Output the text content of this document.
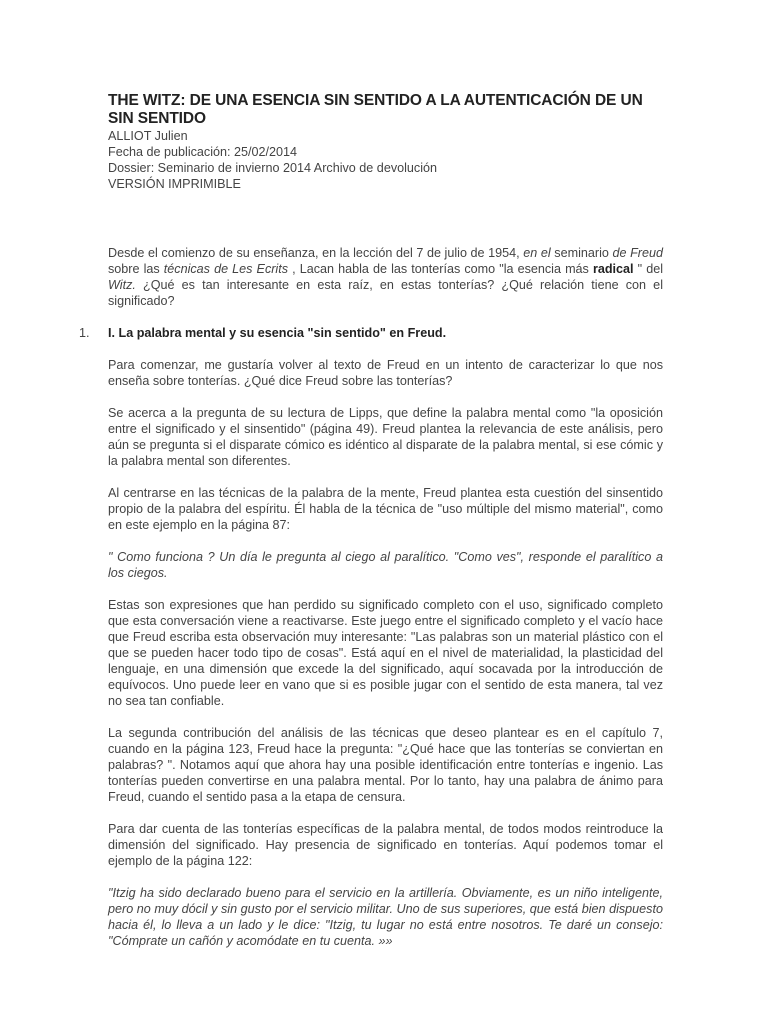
THE WITZ: DE UNA ESENCIA SIN SENTIDO A LA AUTENTICACIÓN DE UN SIN SENTIDO
ALLIOT Julien
Fecha de publicación: 25/02/2014
Dossier: Seminario de invierno 2014 Archivo de devolución
VERSIÓN IMPRIMIBLE

Desde el comienzo de su enseñanza, en la lección del 7 de julio de 1954, en el seminario de Freud sobre las técnicas de Les Ecrits , Lacan habla de las tonterías como "la esencia más radical " del Witz. ¿Qué es tan interesante en esta raíz, en estas tonterías? ¿Qué relación tiene con el significado?

1. I. La palabra mental y su esencia "sin sentido" en Freud.

Para comenzar, me gustaría volver al texto de Freud en un intento de caracterizar lo que nos enseña sobre tonterías. ¿Qué dice Freud sobre las tonterías?

Se acerca a la pregunta de su lectura de Lipps, que define la palabra mental como "la oposición entre el significado y el sinsentido" (página 49). Freud plantea la relevancia de este análisis, pero aún se pregunta si el disparate cómico es idéntico al disparate de la palabra mental, si ese cómic y la palabra mental son diferentes.

Al centrarse en las técnicas de la palabra de la mente, Freud plantea esta cuestión del sinsentido propio de la palabra del espíritu. Él habla de la técnica de "uso múltiple del mismo material", como en este ejemplo en la página 87:

" Como funciona ? Un día le pregunta al ciego al paralítico. "Como ves", responde el paralítico a los ciegos.

Estas son expresiones que han perdido su significado completo con el uso, significado completo que esta conversación viene a reactivarse. Este juego entre el significado completo y el vacío hace que Freud escriba esta observación muy interesante: "Las palabras son un material plástico con el que se pueden hacer todo tipo de cosas". Está aquí en el nivel de materialidad, la plasticidad del lenguaje, en una dimensión que excede la del significado, aquí socavada por la introducción de equívocos. Uno puede leer en vano que si es posible jugar con el sentido de esta manera, tal vez no sea tan confiable.

La segunda contribución del análisis de las técnicas que deseo plantear es en el capítulo 7, cuando en la página 123, Freud hace la pregunta: "¿Qué hace que las tonterías se conviertan en palabras? ". Notamos aquí que ahora hay una posible identificación entre tonterías e ingenio. Las tonterías pueden convertirse en una palabra mental. Por lo tanto, hay una palabra de ánimo para Freud, cuando el sentido pasa a la etapa de censura.

Para dar cuenta de las tonterías específicas de la palabra mental, de todos modos reintroduce la dimensión del significado. Hay presencia de significado en tonterías. Aquí podemos tomar el ejemplo de la página 122:

"Itzig ha sido declarado bueno para el servicio en la artillería. Obviamente, es un niño inteligente, pero no muy dócil y sin gusto por el servicio militar. Uno de sus superiores, que está bien dispuesto hacia él, lo lleva a un lado y le dice: "Itzig, tu lugar no está entre nosotros. Te daré un consejo: "Cómprate un cañón y acomódate en tu cuenta. »»
